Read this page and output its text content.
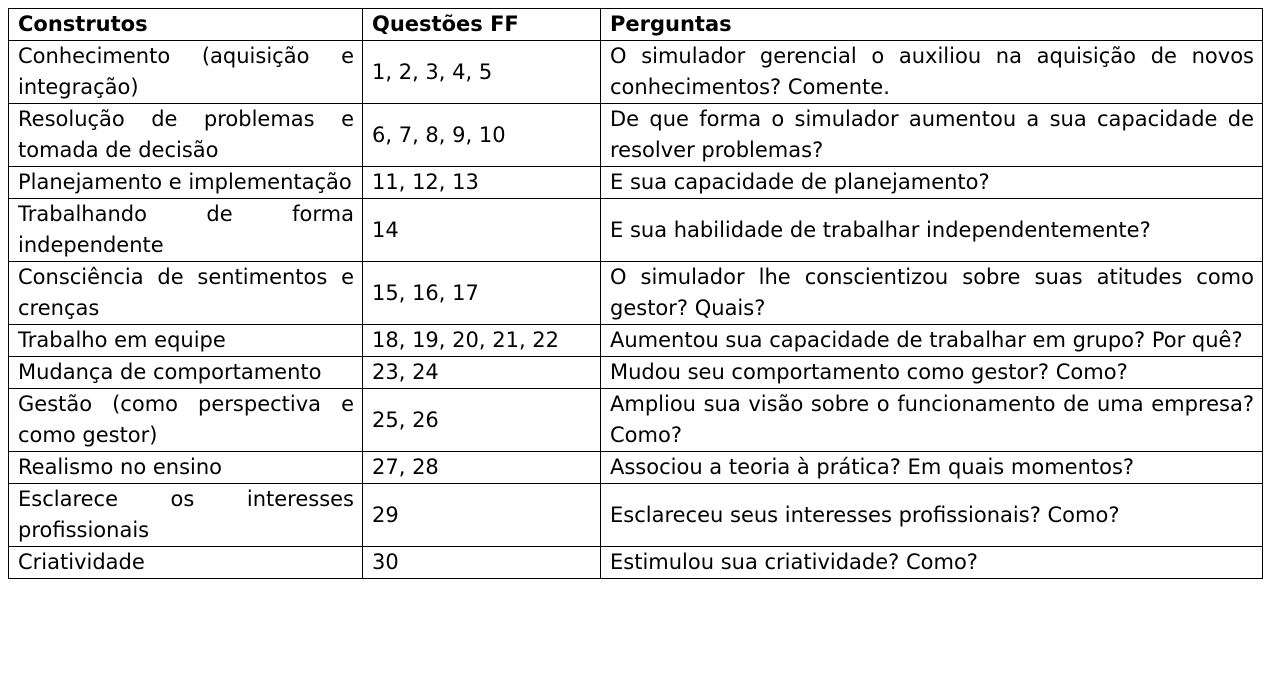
Construtos	Questões FF	Perguntas
Conhecimento (aquisição e integração)	1, 2, 3, 4, 5	O simulador gerencial o auxiliou na aquisição de novos conhecimentos? Comente.
Resolução de problemas e tomada de decisão	6, 7, 8, 9, 10	De que forma o simulador aumentou a sua capacidade de resolver problemas?
Planejamento e implementação	11, 12, 13	E sua capacidade de planejamento?
Trabalhando de forma independente	14	E sua habilidade de trabalhar independentemente?
Consciência de sentimentos e crenças	15, 16, 17	O simulador lhe conscientizou sobre suas atitudes como gestor? Quais?
Trabalho em equipe	18, 19, 20, 21, 22	Aumentou sua capacidade de trabalhar em grupo? Por quê?
Mudança de comportamento	23, 24	Mudou seu comportamento como gestor? Como?
Gestão (como perspectiva e como gestor)	25, 26	Ampliou sua visão sobre o funcionamento de uma empresa? Como?
Realismo no ensino	27, 28	Associou a teoria à prática? Em quais momentos?
Esclarece os interesses profissionais	29	Esclareceu seus interesses profissionais? Como?
Criatividade	30	Estimulou sua criatividade? Como?
